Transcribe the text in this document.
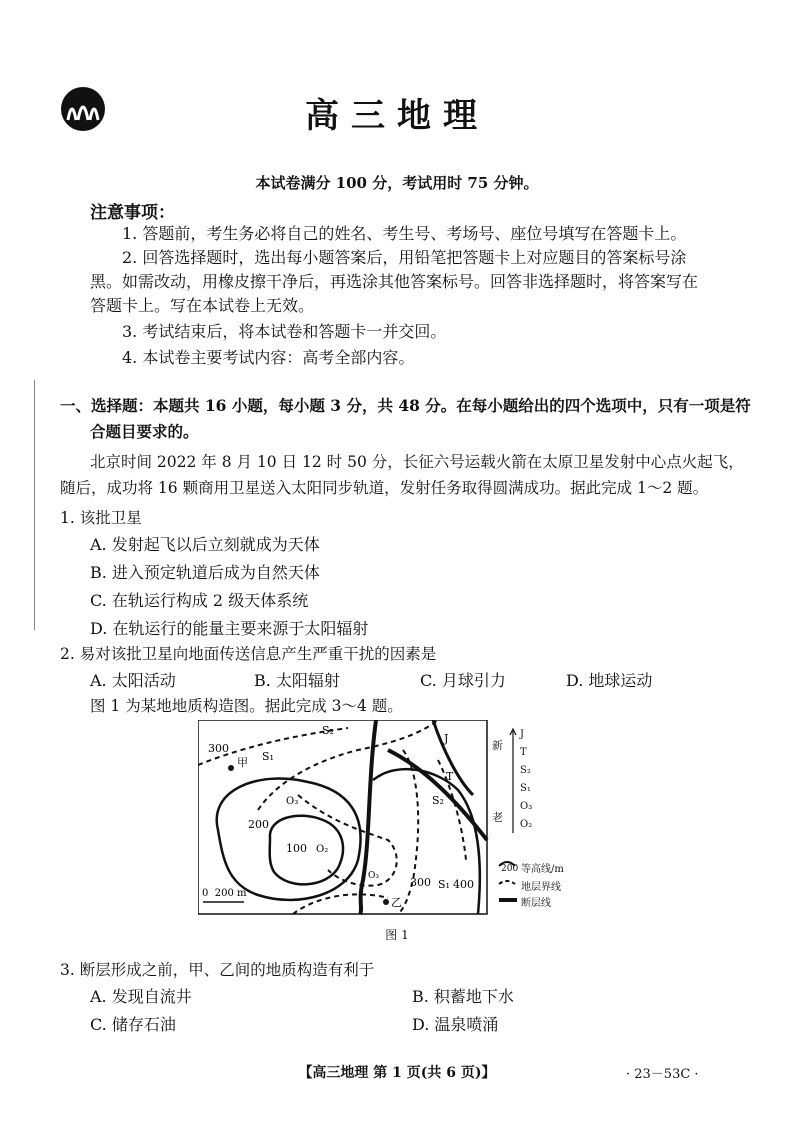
高三地理
本试卷满分 100 分，考试用时 75 分钟。
注意事项：
1. 答题前，考生务必将自己的姓名、考生号、考场号、座位号填写在答题卡上。
2. 回答选择题时，选出每小题答案后，用铅笔把答题卡上对应题目的答案标号涂
黑。如需改动，用橡皮擦干净后，再选涂其他答案标号。回答非选择题时，将答案写在
答题卡上。写在本试卷上无效。
3. 考试结束后，将本试卷和答题卡一并交回。
4. 本试卷主要考试内容：高考全部内容。
一、选择题：本题共 16 小题，每小题 3 分，共 48 分。在每小题给出的四个选项中，只有一项是符
合题目要求的。
北京时间 2022 年 8 月 10 日 12 时 50 分，长征六号运载火箭在太原卫星发射中心点火起飞，
随后，成功将 16 颗商用卫星送入太阳同步轨道，发射任务取得圆满成功。据此完成 1～2 题。
1. 该批卫星
A. 发射起飞以后立刻就成为天体
B. 进入预定轨道后成为自然天体
C. 在轨运行构成 2 级天体系统
D. 在轨运行的能量主要来源于太阳辐射
2. 易对该批卫星向地面传送信息产生严重干扰的因素是
A. 太阳活动	B. 太阳辐射	C. 月球引力	D. 地球运动
图 1 为某地地质构造图。据此完成 3～4 题。
300
200
100
300 400
S₁
S₂
O₃
O₂
J
T
S₂
O₃
S₁
甲
乙
0  200 m
新
老
J
T
S₂
S₁
O₃
O₂
200 等高线/m
地层界线
断层线
图 1
3. 断层形成之前，甲、乙间的地质构造有利于
A. 发现自流井	B. 积蓄地下水
C. 储存石油	D. 温泉喷涌
【高三地理 第 1 页(共 6 页)】	· 23－53C ·
